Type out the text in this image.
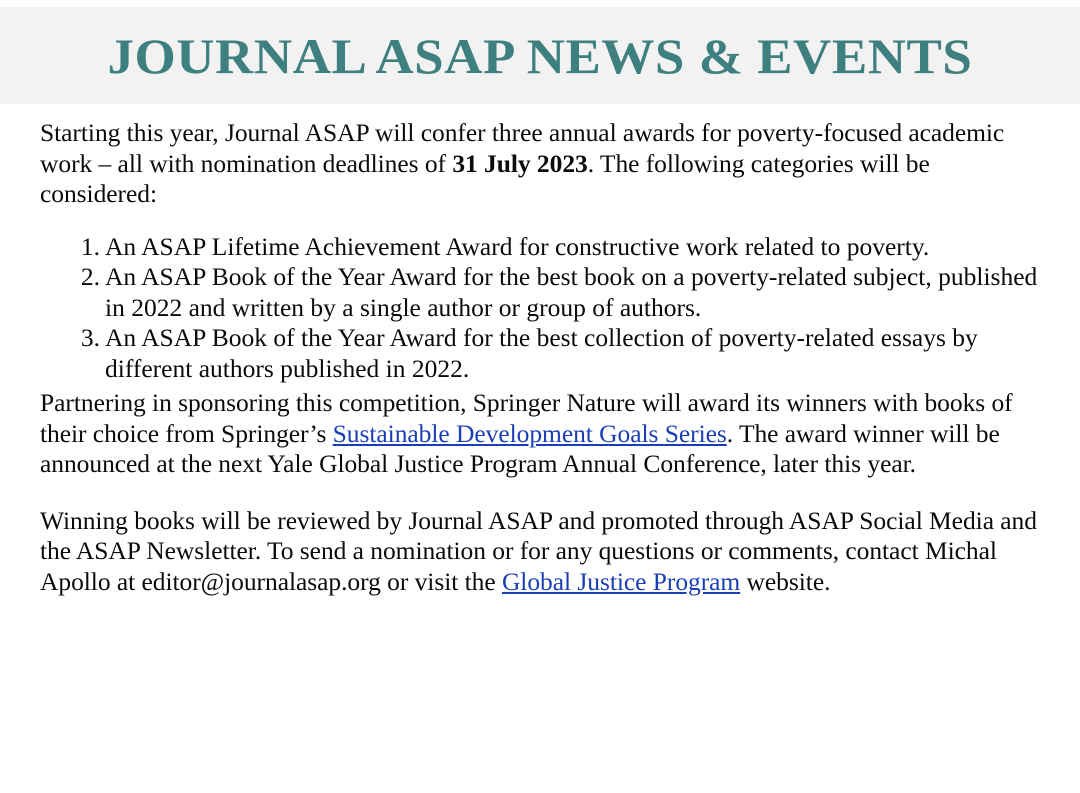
JOURNAL ASAP NEWS & EVENTS

Starting this year, Journal ASAP will confer three annual awards for poverty-focused academic work – all with nomination deadlines of 31 July 2023. The following categories will be considered:

1. An ASAP Lifetime Achievement Award for constructive work related to poverty.
2. An ASAP Book of the Year Award for the best book on a poverty-related subject, published in 2022 and written by a single author or group of authors.
3. An ASAP Book of the Year Award for the best collection of poverty-related essays by different authors published in 2022.

Partnering in sponsoring this competition, Springer Nature will award its winners with books of their choice from Springer’s Sustainable Development Goals Series. The award winner will be announced at the next Yale Global Justice Program Annual Conference, later this year.

Winning books will be reviewed by Journal ASAP and promoted through ASAP Social Media and the ASAP Newsletter. To send a nomination or for any questions or comments, contact Michal Apollo at editor@journalasap.org or visit the Global Justice Program website.
